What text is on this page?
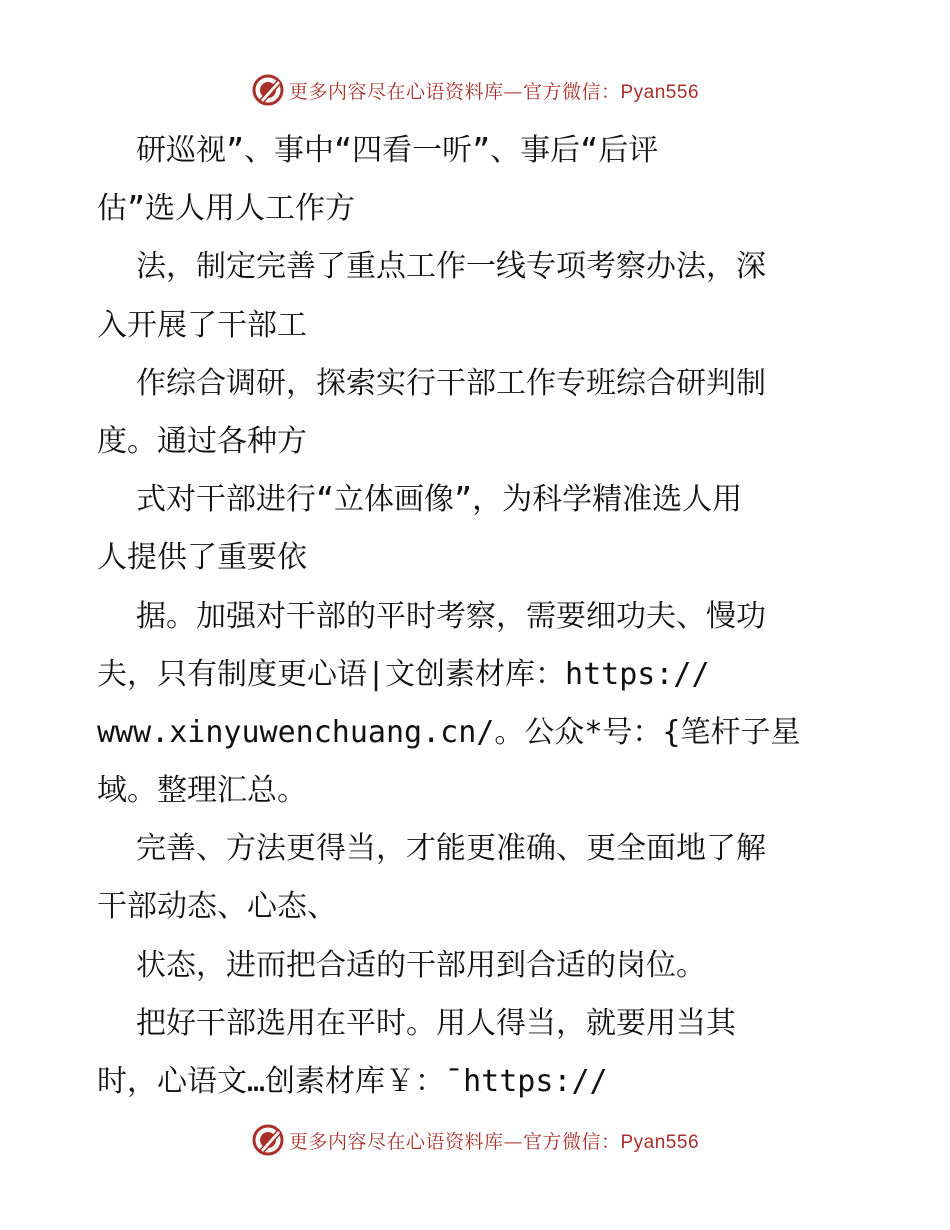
更多内容尽在心语资料库—官方微信：Pyan556
研巡视”、事中“四看一听”、事后“后评
估”选人用人工作方
法，制定完善了重点工作一线专项考察办法，深
入开展了干部工
作综合调研，探索实行干部工作专班综合研判制
度。通过各种方
式对干部进行“立体画像”，为科学精准选人用
人提供了重要依
据。加强对干部的平时考察，需要细功夫、慢功
夫，只有制度更心语|文创素材库：https://
www.xinyuwenchuang.cn/。公众*号：{笔杆子星
域。整理汇总。
完善、方法更得当，才能更准确、更全面地了解
干部动态、心态、
状态，进而把合适的干部用到合适的岗位。
把好干部选用在平时。用人得当，就要用当其
时，心语文…创素材库￥：¯https://
更多内容尽在心语资料库—官方微信：Pyan556
